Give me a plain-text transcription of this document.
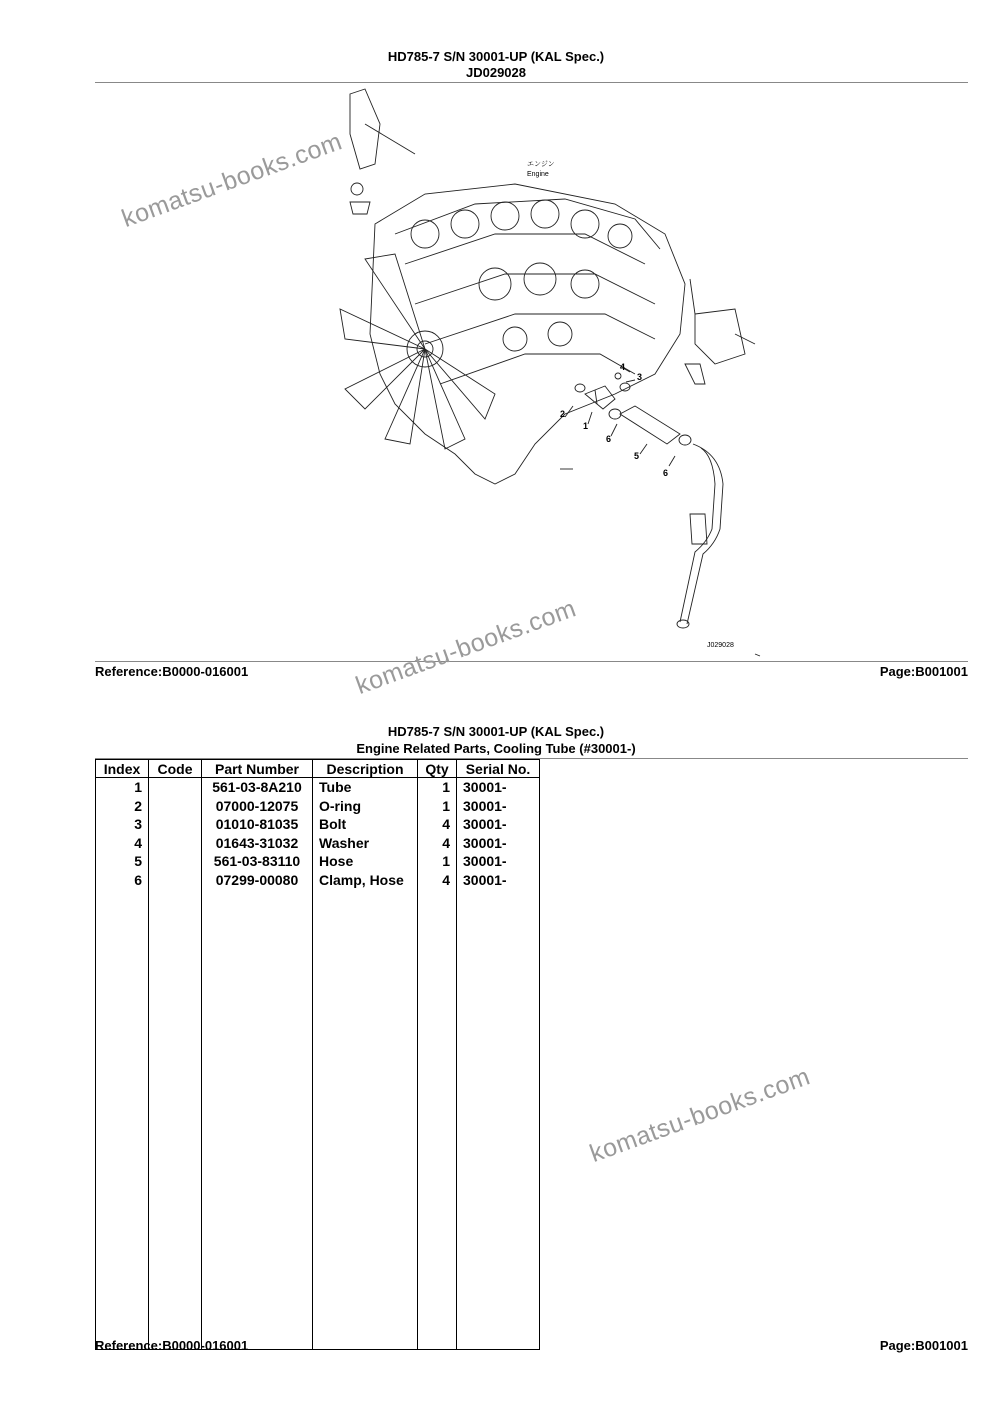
HD785-7 S/N 30001-UP (KAL Spec.)
JD029028
2
1
3
4
5
6
6
エンジン
Engine
J029028
Reference:B0000-016001	Page:B001001
HD785-7 S/N 30001-UP (KAL Spec.)
Engine Related Parts, Cooling Tube (#30001-)
Index	Code	Part Number	Description	Qty	Serial No.
1		561-03-8A210	Tube	1	30001-
2		07000-12075	O-ring	1	30001-
3		01010-81035	Bolt	4	30001-
4		01643-31032	Washer	4	30001-
5		561-03-83110	Hose	1	30001-
6		07299-00080	Clamp, Hose	4	30001-

Reference:B0000-016001	Page:B001001
komatsu-books.com
komatsu-books.com
komatsu-books.com
